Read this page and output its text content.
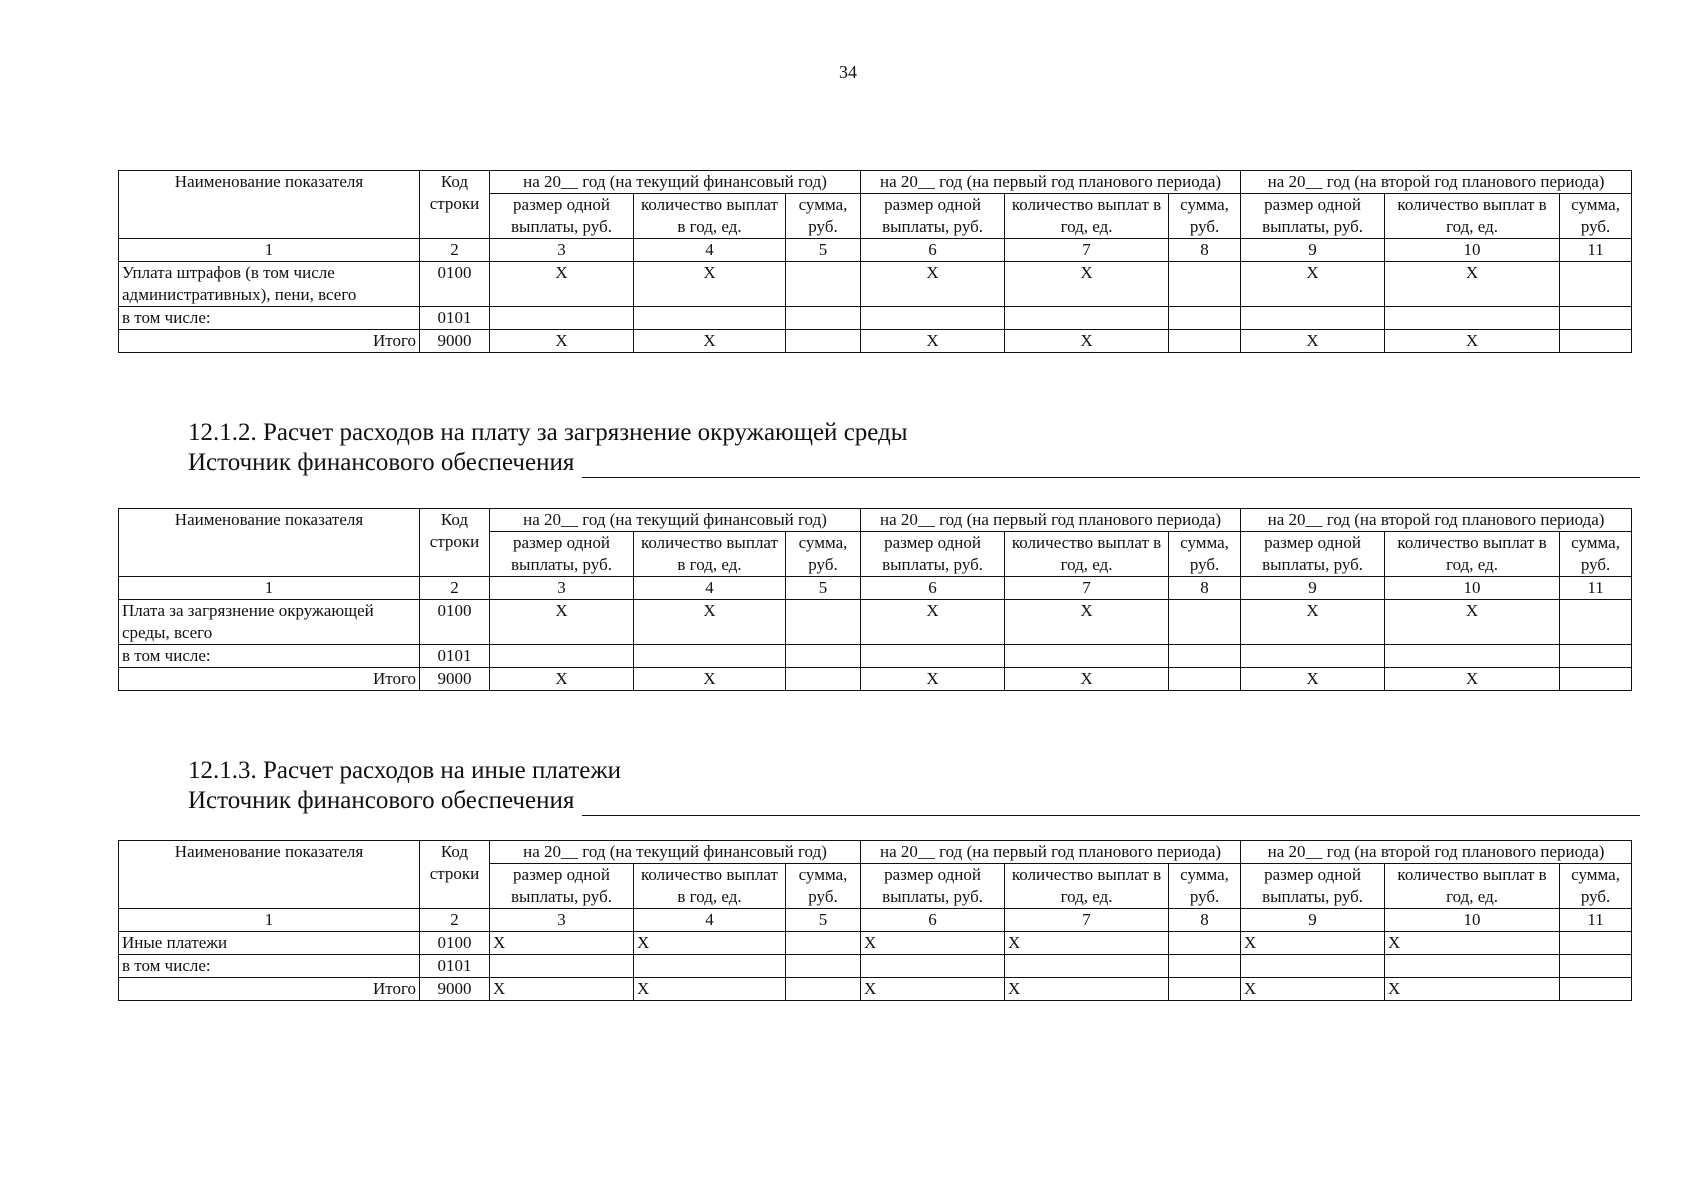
34
12.1.2. Расчет расходов на плату за загрязнение окружающей среды
Источник финансового обеспечения
12.1.3. Расчет расходов на иные платежи
Источник финансового обеспечения
Наименование показателя	Код строки	на 20__ год (на текущий финансовый год)			на 20__ год (на первый год планового периода)			на 20__ год (на второй год планового периода)		
		размер одной выплаты, руб.	количество выплат в год, ед.	сумма, руб.	размер одной выплаты, руб.	количество выплат в год, ед.	сумма, руб.	размер одной выплаты, руб.	количество выплат в год, ед.	сумма, руб.
1	2	3	4	5	6	7	8	9	10	11
Уплата штрафов (в том числе административных), пени, всего	0100	X	X		X	X		X	X	
в том числе:	0101									
Итого	9000	X	X		X	X		X	X	
Наименование показателя	Код строки	на 20__ год (на текущий финансовый год)			на 20__ год (на первый год планового периода)			на 20__ год (на второй год планового периода)		
		размер одной выплаты, руб.	количество выплат в год, ед.	сумма, руб.	размер одной выплаты, руб.	количество выплат в год, ед.	сумма, руб.	размер одной выплаты, руб.	количество выплат в год, ед.	сумма, руб.
1	2	3	4	5	6	7	8	9	10	11
Плата за загрязнение окружающей среды, всего	0100	X	X		X	X		X	X	
в том числе:	0101									
Итого	9000	X	X		X	X		X	X	
Наименование показателя	Код строки	на 20__ год (на текущий финансовый год)			на 20__ год (на первый год планового периода)			на 20__ год (на второй год планового периода)		
		размер одной выплаты, руб.	количество выплат в год, ед.	сумма, руб.	размер одной выплаты, руб.	количество выплат в год, ед.	сумма, руб.	размер одной выплаты, руб.	количество выплат в год, ед.	сумма, руб.
1	2	3	4	5	6	7	8	9	10	11
Иные платежи	0100	X	X		X	X		X	X	
в том числе:	0101									
Итого	9000	X	X		X	X		X	X	
